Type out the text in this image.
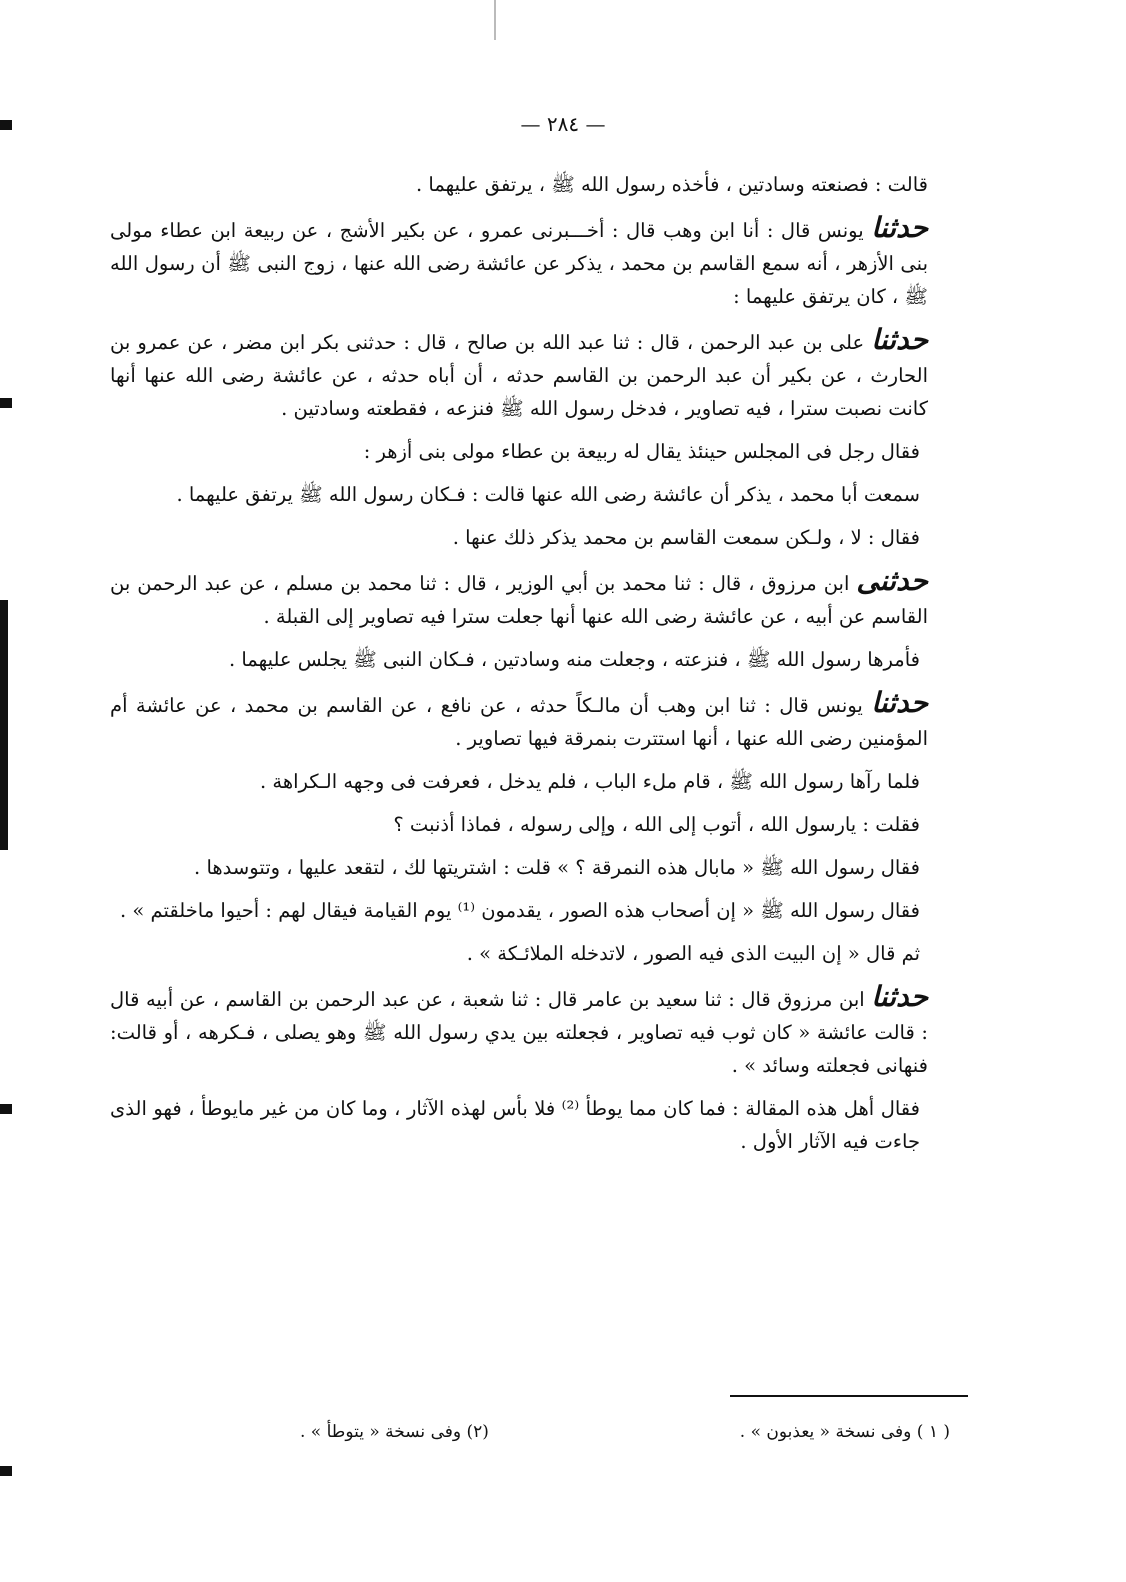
— ٢٨٤ —

قالت : فصنعته وسادتين ، فأخذه رسول الله ﷺ ، يرتفق عليهما .

حدثنا يونس قال : أنا ابن وهب قال : أخـــبرنى عمرو ، عن بكير الأشج ، عن ربيعة ابن عطاء مولى بنى الأزهر ، أنه سمع القاسم بن محمد ، يذكر عن عائشة رضى الله عنها ، زوج النبى ﷺ أن رسول الله ﷺ ، كان يرتفق عليهما :

حدثنا على بن عبد الرحمن ، قال : ثنا عبد الله بن صالح ، قال : حدثنى بكر ابن مضر ، عن عمرو بن الحارث ، عن بكير أن عبد الرحمن بن القاسم حدثه ، أن أباه حدثه ، عن عائشة رضى الله عنها أنها كانت نصبت سترا ، فيه تصاوير ، فدخل رسول الله ﷺ فنزعه ، فقطعته وسادتين .

فقال رجل فى المجلس حينئذ يقال له ربيعة بن عطاء مولى بنى أزهر :

سمعت أبا محمد ، يذكر أن عائشة رضى الله عنها قالت : فـكان رسول الله ﷺ يرتفق عليهما .

فقال : لا ، ولـكن سمعت القاسم بن محمد يذكر ذلك عنها .

حدثنى ابن مرزوق ، قال : ثنا محمد بن أبي الوزير ، قال : ثنا محمد بن مسلم ، عن عبد الرحمن بن القاسم عن أبيه ، عن عائشة رضى الله عنها أنها جعلت سترا فيه تصاوير إلى القبلة .

فأمرها رسول الله ﷺ ، فنزعته ، وجعلت منه وسادتين ، فـكان النبى ﷺ يجلس عليهما .

حدثنا يونس قال : ثنا ابن وهب أن مالـكاً حدثه ، عن نافع ، عن القاسم بن محمد ، عن عائشة أم المؤمنين رضى الله عنها ، أنها استترت بنمرقة فيها تصاوير .

فلما رآها رسول الله ﷺ ، قام ملء الباب ، فلم يدخل ، فعرفت فى وجهه الـكراهة .

فقلت : يارسول الله ، أتوب إلى الله ، وإلى رسوله ، فماذا أذنبت ؟

فقال رسول الله ﷺ « مابال هذه النمرقة ؟ » قلت : اشتريتها لك ، لتقعد عليها ، وتتوسدها .

فقال رسول الله ﷺ « إن أصحاب هذه الصور ، يقدمون ⁽¹⁾ يوم القيامة فيقال لهم : أحيوا ماخلقتم » .

ثم قال « إن البيت الذى فيه الصور ، لاتدخله الملائـكة » .

حدثنا ابن مرزوق قال : ثنا سعيد بن عامر قال : ثنا شعبة ، عن عبد الرحمن بن القاسم ، عن أبيه قال : قالت عائشة « كان ثوب فيه تصاوير ، فجعلته بين يدي رسول الله ﷺ وهو يصلى ، فـكرهه ، أو قالت: فنهانى فجعلته وسائد » .

فقال أهل هذه المقالة : فما كان مما يوطأ ⁽²⁾ فلا بأس لهذه الآثار ، وما كان من غير مايوطأ ، فهو الذى جاءت فيه الآثار الأول .

( ١ ) وفى نسخة « يعذبون » .
(٢) وفى نسخة « يتوطأ » .
